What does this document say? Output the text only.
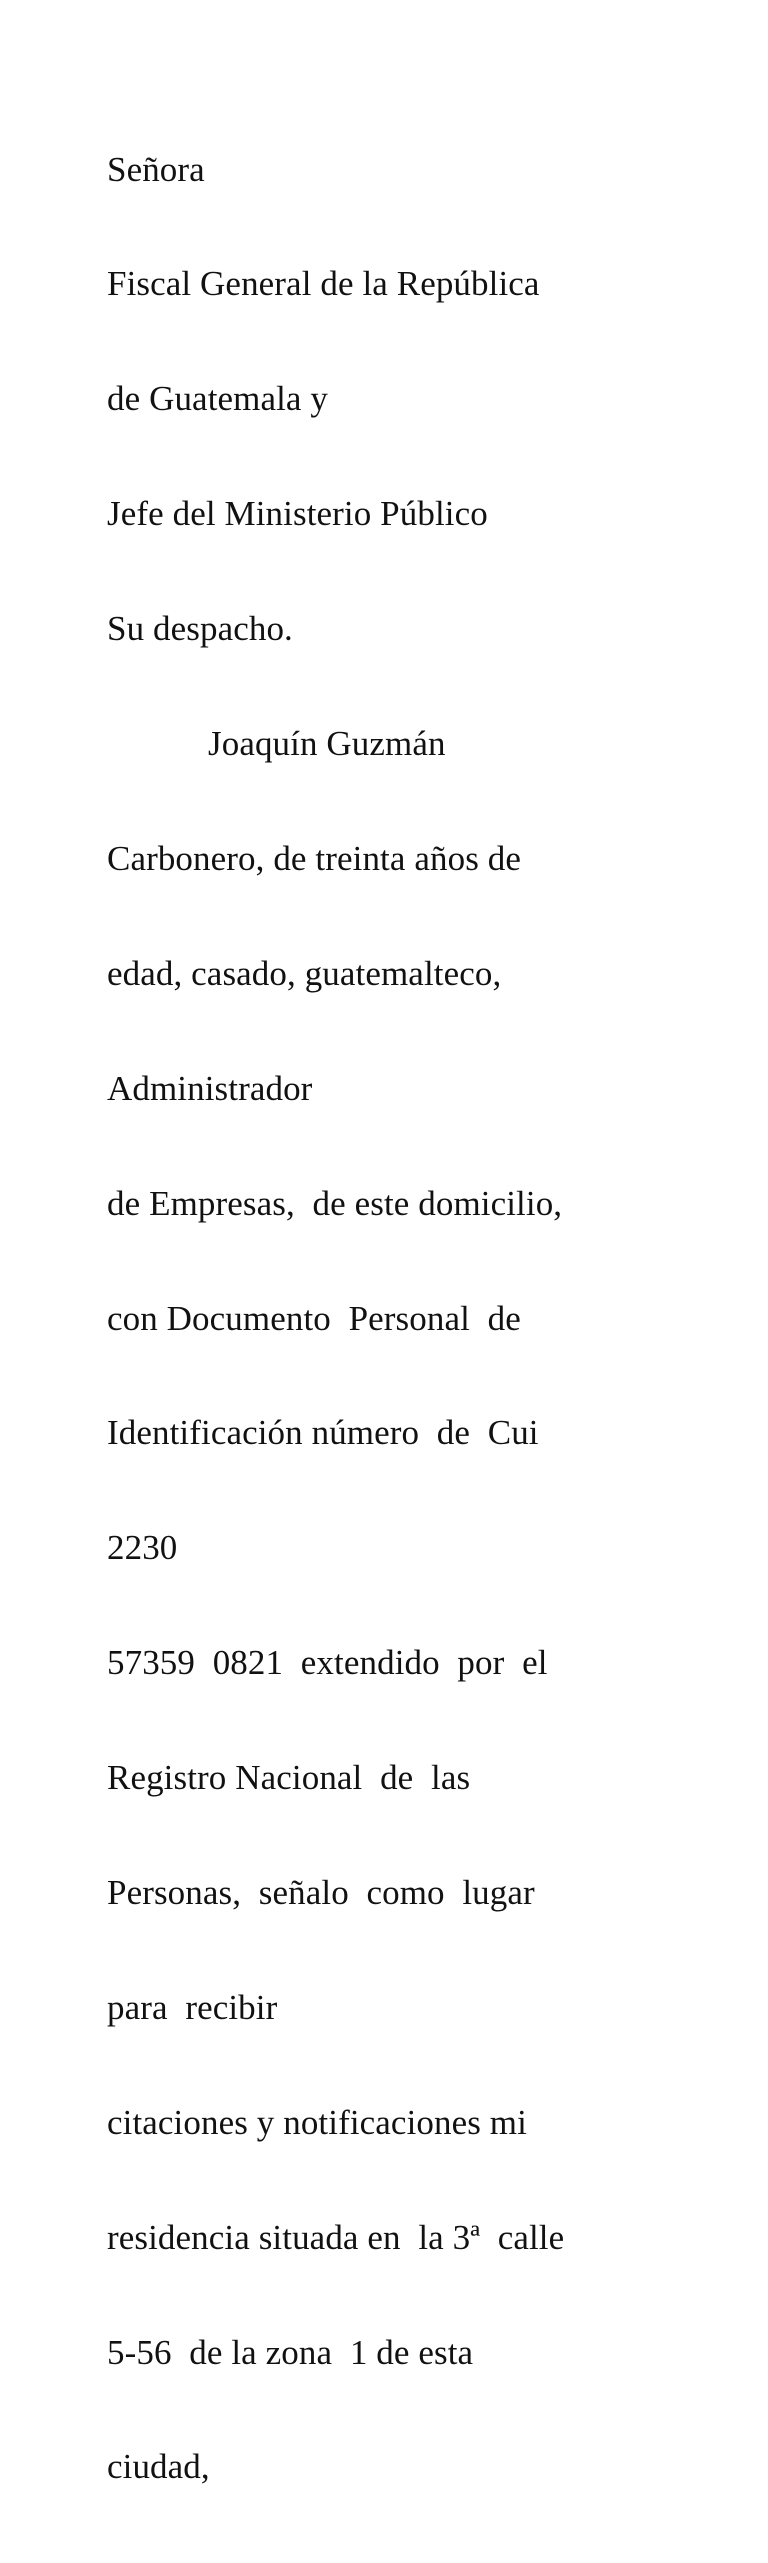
Señora

Fiscal General de la República

de Guatemala y

Jefe del Ministerio Público

Su despacho.

Joaquín Guzmán

Carbonero, de treinta años de

edad, casado, guatemalteco,

Administrador

de Empresas,  de este domicilio,

con Documento  Personal  de

Identificación número  de  Cui

2230

57359  0821  extendido  por  el

Registro Nacional  de  las

Personas,  señalo  como  lugar

para  recibir

citaciones y notificaciones mi

residencia situada en  la 3ª  calle

5-56  de la zona  1 de esta

ciudad,
